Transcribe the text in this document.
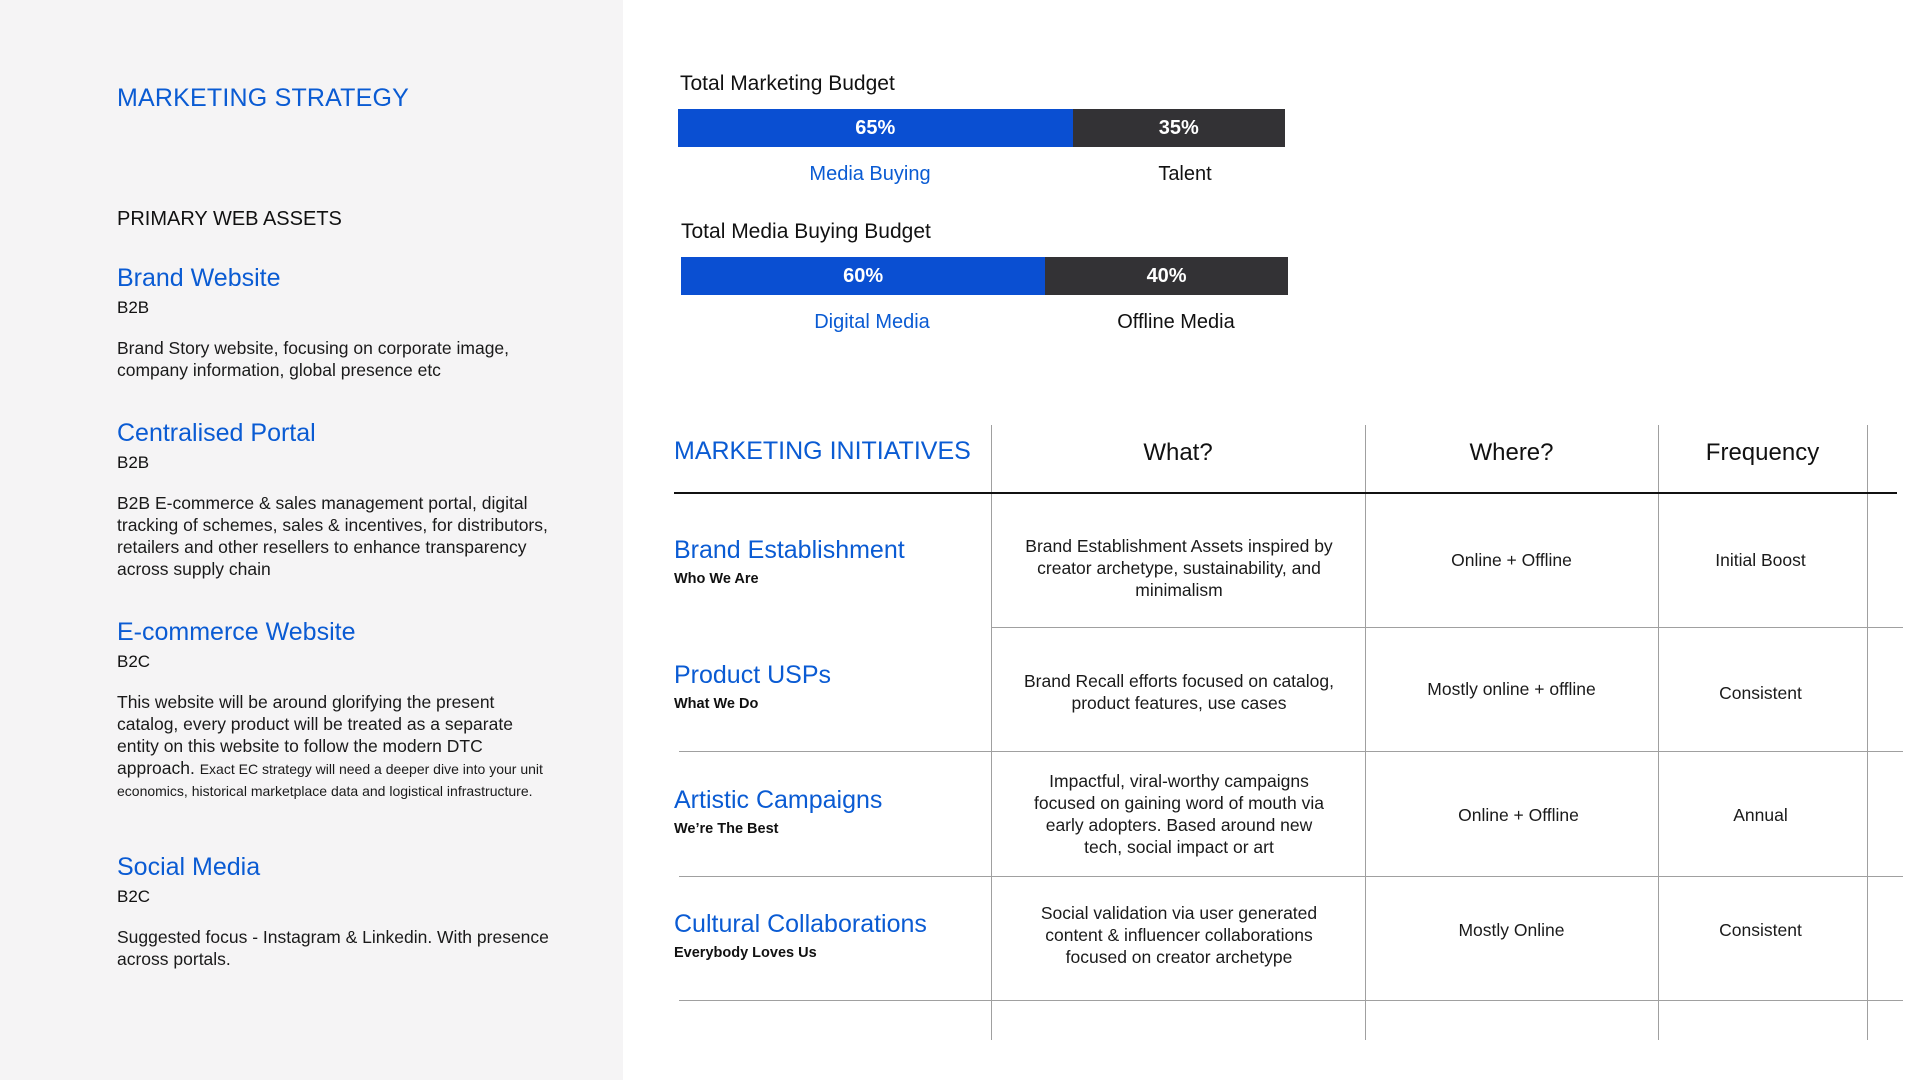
MARKETING STRATEGY
PRIMARY WEB ASSETS
Brand Website
B2B
Brand Story website, focusing on corporate image, company information, global presence etc
Centralised Portal
B2B
B2B E-commerce & sales management portal, digital tracking of schemes, sales & incentives, for distributors, retailers and other resellers to enhance transparency across supply chain
E-commerce Website
B2C
This website will be around glorifying the present catalog, every product will be treated as a separate entity on this website to follow the modern DTC approach. Exact EC strategy will need a deeper dive into your unit economics, historical marketplace data and logistical infrastructure.
Social Media
B2C
Suggested focus - Instagram & Linkedin. With presence across portals.
Total Marketing Budget
65%	35%
Media Buying	Talent
Total Media Buying Budget
60%	40%
Digital Media	Offline Media
MARKETING INITIATIVES	What?	Where?	Frequency
Brand Establishment
Who We Are
Brand Establishment Assets inspired by creator archetype, sustainability, and minimalism
Online + Offline	Initial Boost
Product USPs
What We Do
Brand Recall efforts focused on catalog, product features, use cases
Mostly online + offline	Consistent
Artistic Campaigns
We’re The Best
Impactful, viral-worthy campaigns focused on gaining word of mouth via early adopters. Based around new tech, social impact or art
Online + Offline	Annual
Cultural Collaborations
Everybody Loves Us
Social validation via user generated content & influencer collaborations focused on creator archetype
Mostly Online	Consistent
